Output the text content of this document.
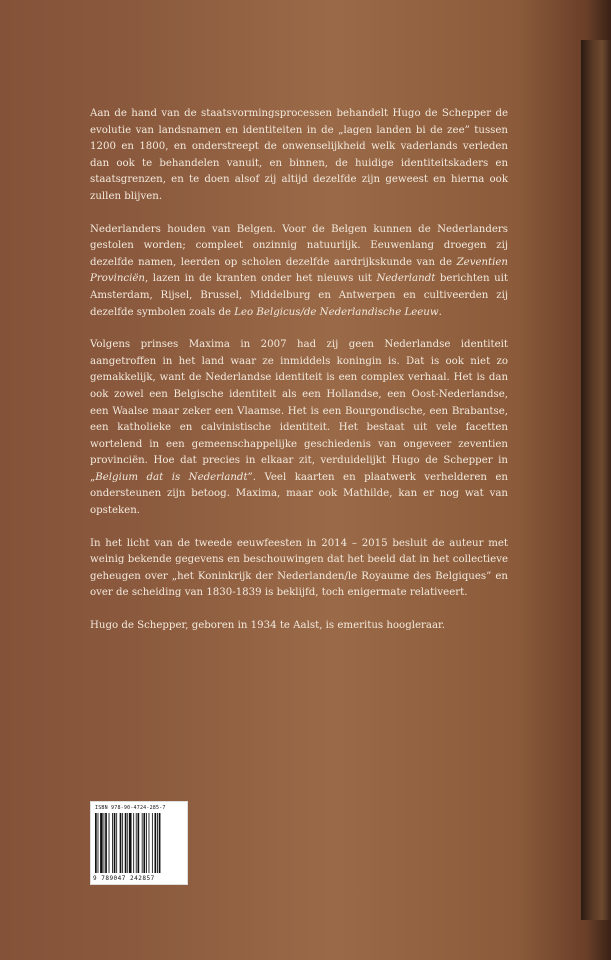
Aan de hand van de staatsvormingsprocessen behandelt Hugo de Schepper de evolutie van landsnamen en identiteiten in de „lagen landen bi de zee” tussen 1200 en 1800, en onderstreept de onwenselijkheid welk vaderlands verleden dan ook te behandelen vanuit, en binnen, de huidige identiteitskaders en staatsgrenzen, en te doen alsof zij altijd dezelfde zijn geweest en hierna ook zullen blijven.

Nederlanders houden van Belgen. Voor de Belgen kunnen de Nederlanders gestolen worden; compleet onzinnig natuurlijk. Eeuwenlang droegen zij dezelfde namen, leerden op scholen dezelfde aardrijkskunde van de Zeventien Provinciën, lazen in de kranten onder het nieuws uit Nederlandt berichten uit Amsterdam, Rijsel, Brussel, Middelburg en Antwerpen en cultiveerden zij dezelfde symbolen zoals de Leo Belgicus/de Nederlandische Leeuw.

Volgens prinses Maxima in 2007 had zij geen Nederlandse identiteit aangetroffen in het land waar ze inmiddels koningin is. Dat is ook niet zo gemakkelijk, want de Nederlandse identiteit is een complex verhaal. Het is dan ook zowel een Belgische identiteit als een Hollandse, een Oost-Nederlandse, een Waalse maar zeker een Vlaamse. Het is een Bourgondische, een Brabantse, een katholieke en calvinistische identiteit. Het bestaat uit vele facetten wortelend in een gemeenschappelijke geschiedenis van ongeveer zeventien provinciën. Hoe dat precies in elkaar zit, verduidelijkt Hugo de Schepper in „Belgium dat is Nederlandt”. Veel kaarten en plaatwerk verhelderen en ondersteunen zijn betoog. Maxima, maar ook Mathilde, kan er nog wat van opsteken.

In het licht van de tweede eeuwfeesten in 2014 – 2015 besluit de auteur met weinig bekende gegevens en beschouwingen dat het beeld dat in het collectieve geheugen over „het Koninkrijk der Nederlanden/le Royaume des Belgiques” en over de scheiding van 1830-1839 is beklijfd, toch enigermate relativeert.

Hugo de Schepper, geboren in 1934 te Aalst, is emeritus hoogleraar.

ISBN 978-90-4724-285-7
9 789047 242857
